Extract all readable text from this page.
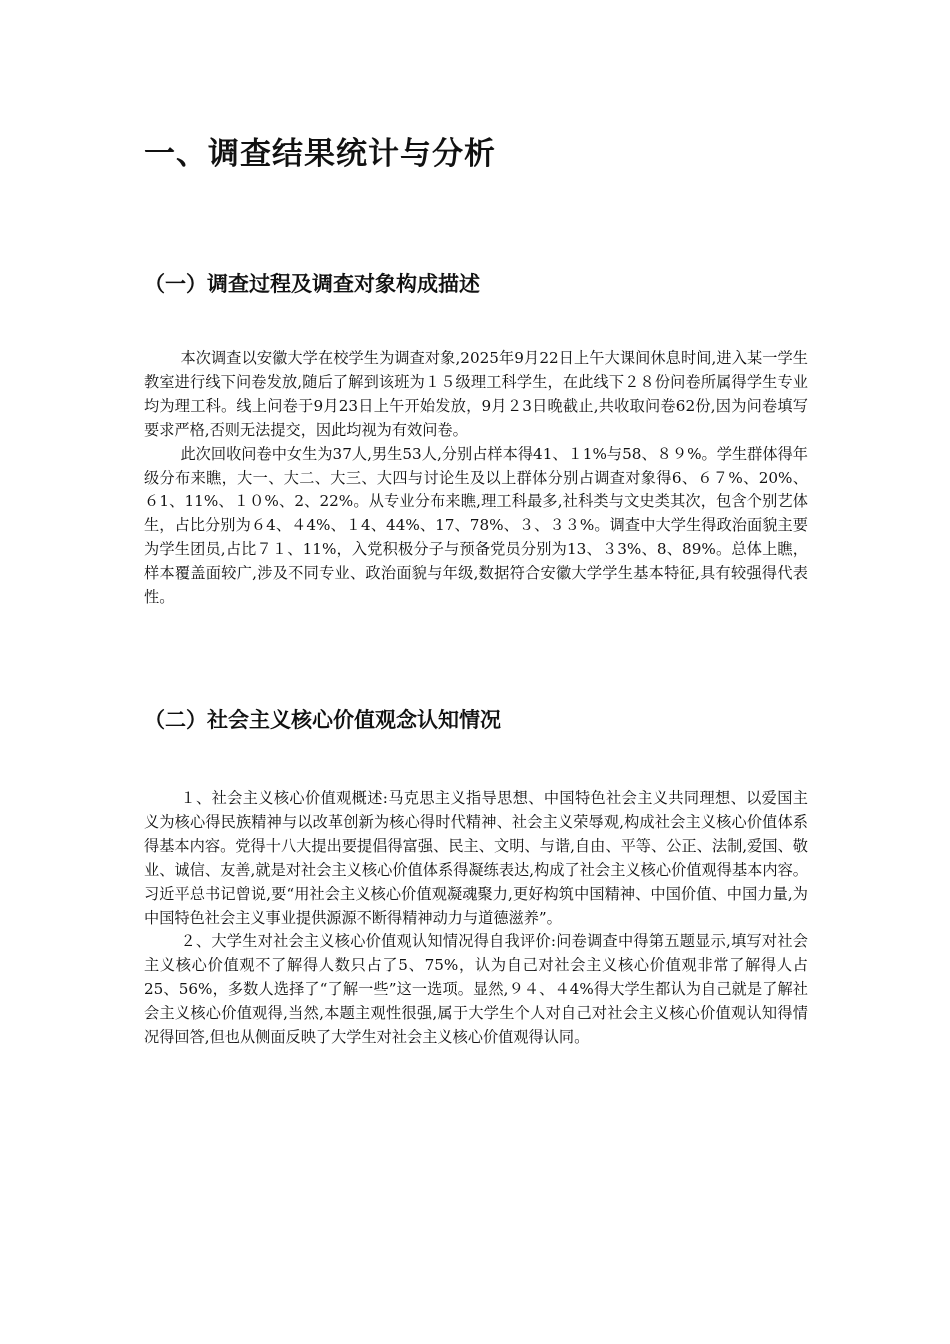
一、调查结果统计与分析
（一）调查过程及调查对象构成描述

本次调查以安徽大学在校学生为调查对象,2025年9月22日上午大课间休息时间,进入某一学生教室进行线下问卷发放,随后了解到该班为１５级理工科学生，在此线下２８份问卷所属得学生专业均为理工科。线上问卷于9月23日上午开始发放，9月２3日晚截止,共收取问卷62份,因为问卷填写要求严格,否则无法提交，因此均视为有效问卷。

此次回收问卷中女生为37人,男生53人,分别占样本得41、１1%与58、８９%。学生群体得年级分布来瞧，大一、大二、大三、大四与讨论生及以上群体分别占调查对象得6、６７%、20%、６1、11%、１０%、2、22%。从专业分布来瞧,理工科最多,社科类与文史类其次，包含个别艺体生，占比分别为６4、４4%、１4、44%、17、78%、３、３３%。调查中大学生得政治面貌主要为学生团员,占比７１、11%，入党积极分子与预备党员分别为13、３3%、8、89%。总体上瞧，样本覆盖面较广,涉及不同专业、政治面貌与年级,数据符合安徽大学学生基本特征,具有较强得代表性。

（二）社会主义核心价值观念认知情况

１、社会主义核心价值观概述:马克思主义指导思想、中国特色社会主义共同理想、以爱国主义为核心得民族精神与以改革创新为核心得时代精神、社会主义荣辱观,构成社会主义核心价值体系得基本内容。党得十八大提出要提倡得富强、民主、文明、与谐,自由、平等、公正、法制,爱国、敬业、诚信、友善,就是对社会主义核心价值体系得凝练表达,构成了社会主义核心价值观得基本内容。习近平总书记曾说,要“用社会主义核心价值观凝魂聚力,更好构筑中国精神、中国价值、中国力量,为中国特色社会主义事业提供源源不断得精神动力与道德滋养”。

２、大学生对社会主义核心价值观认知情况得自我评价:问卷调查中得第五题显示,填写对社会主义核心价值观不了解得人数只占了5、75%，认为自己对社会主义核心价值观非常了解得人占25、56%，多数人选择了“了解一些”这一选项。显然,９４、４4%得大学生都认为自己就是了解社会主义核心价值观得,当然,本题主观性很强,属于大学生个人对自己对社会主义核心价值观认知得情况得回答,但也从侧面反映了大学生对社会主义核心价值观得认同。
